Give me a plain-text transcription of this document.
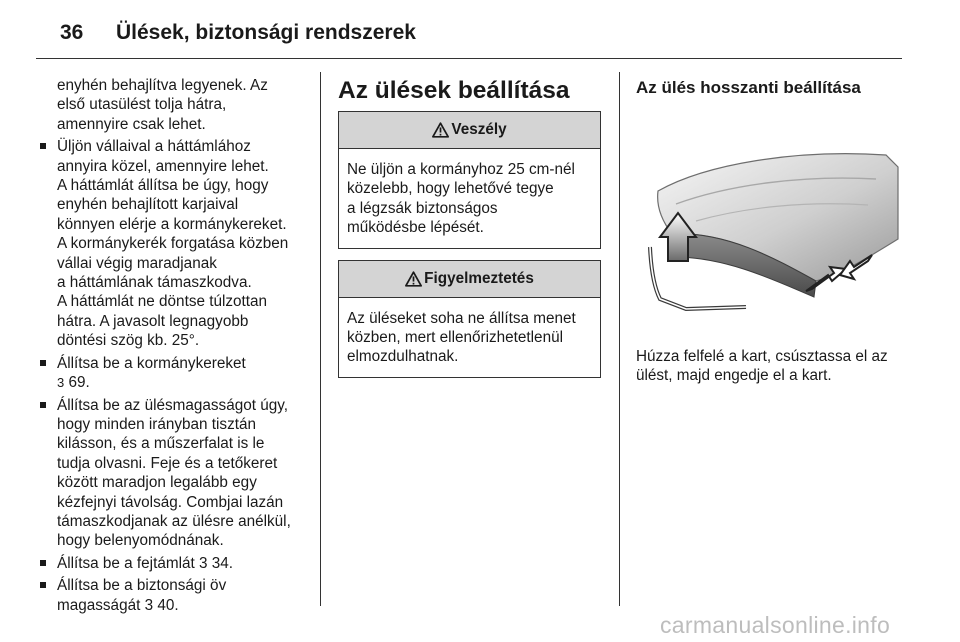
36 Ülések, biztonsági rendszerek
enyhén behajlítva legyenek. Az
első utasülést tolja hátra,
amennyire csak lehet.
Üljön vállaival a háttámlához
annyira közel, amennyire lehet.
A háttámlát állítsa be úgy, hogy
enyhén behajlított karjaival
könnyen elérje a kormánykereket.
A kormánykerék forgatása közben
vállai végig maradjanak
a háttámlának támaszkodva.
A háttámlát ne döntse túlzottan
hátra. A javasolt legnagyobb
döntési szög kb. 25°.
Állítsa be a kormánykereket
3 69.
Állítsa be az ülésmagasságot úgy,
hogy minden irányban tisztán
kilásson, és a műszerfalat is le
tudja olvasni. Feje és a tetőkeret
között maradjon legalább egy
kézfejnyi távolság. Combjai lazán
támaszkodjanak az ülésre anélkül,
hogy belenyomódnának.
Állítsa be a fejtámlát 3 34.
Állítsa be a biztonsági öv
magasságát 3 40.
Az ülések beállítása
Veszély
Ne üljön a kormányhoz 25 cm-nél
közelebb, hogy lehetővé tegye
a légzsák biztonságos
működésbe lépését.
Figyelmeztetés
Az üléseket soha ne állítsa menet
közben, mert ellenőrizhetetlenül
elmozdulhatnak.
Az ülés hosszanti beállítása
Húzza felfelé a kart, csúsztassa el az
ülést, majd engedje el a kart.
carmanualsonline.info
